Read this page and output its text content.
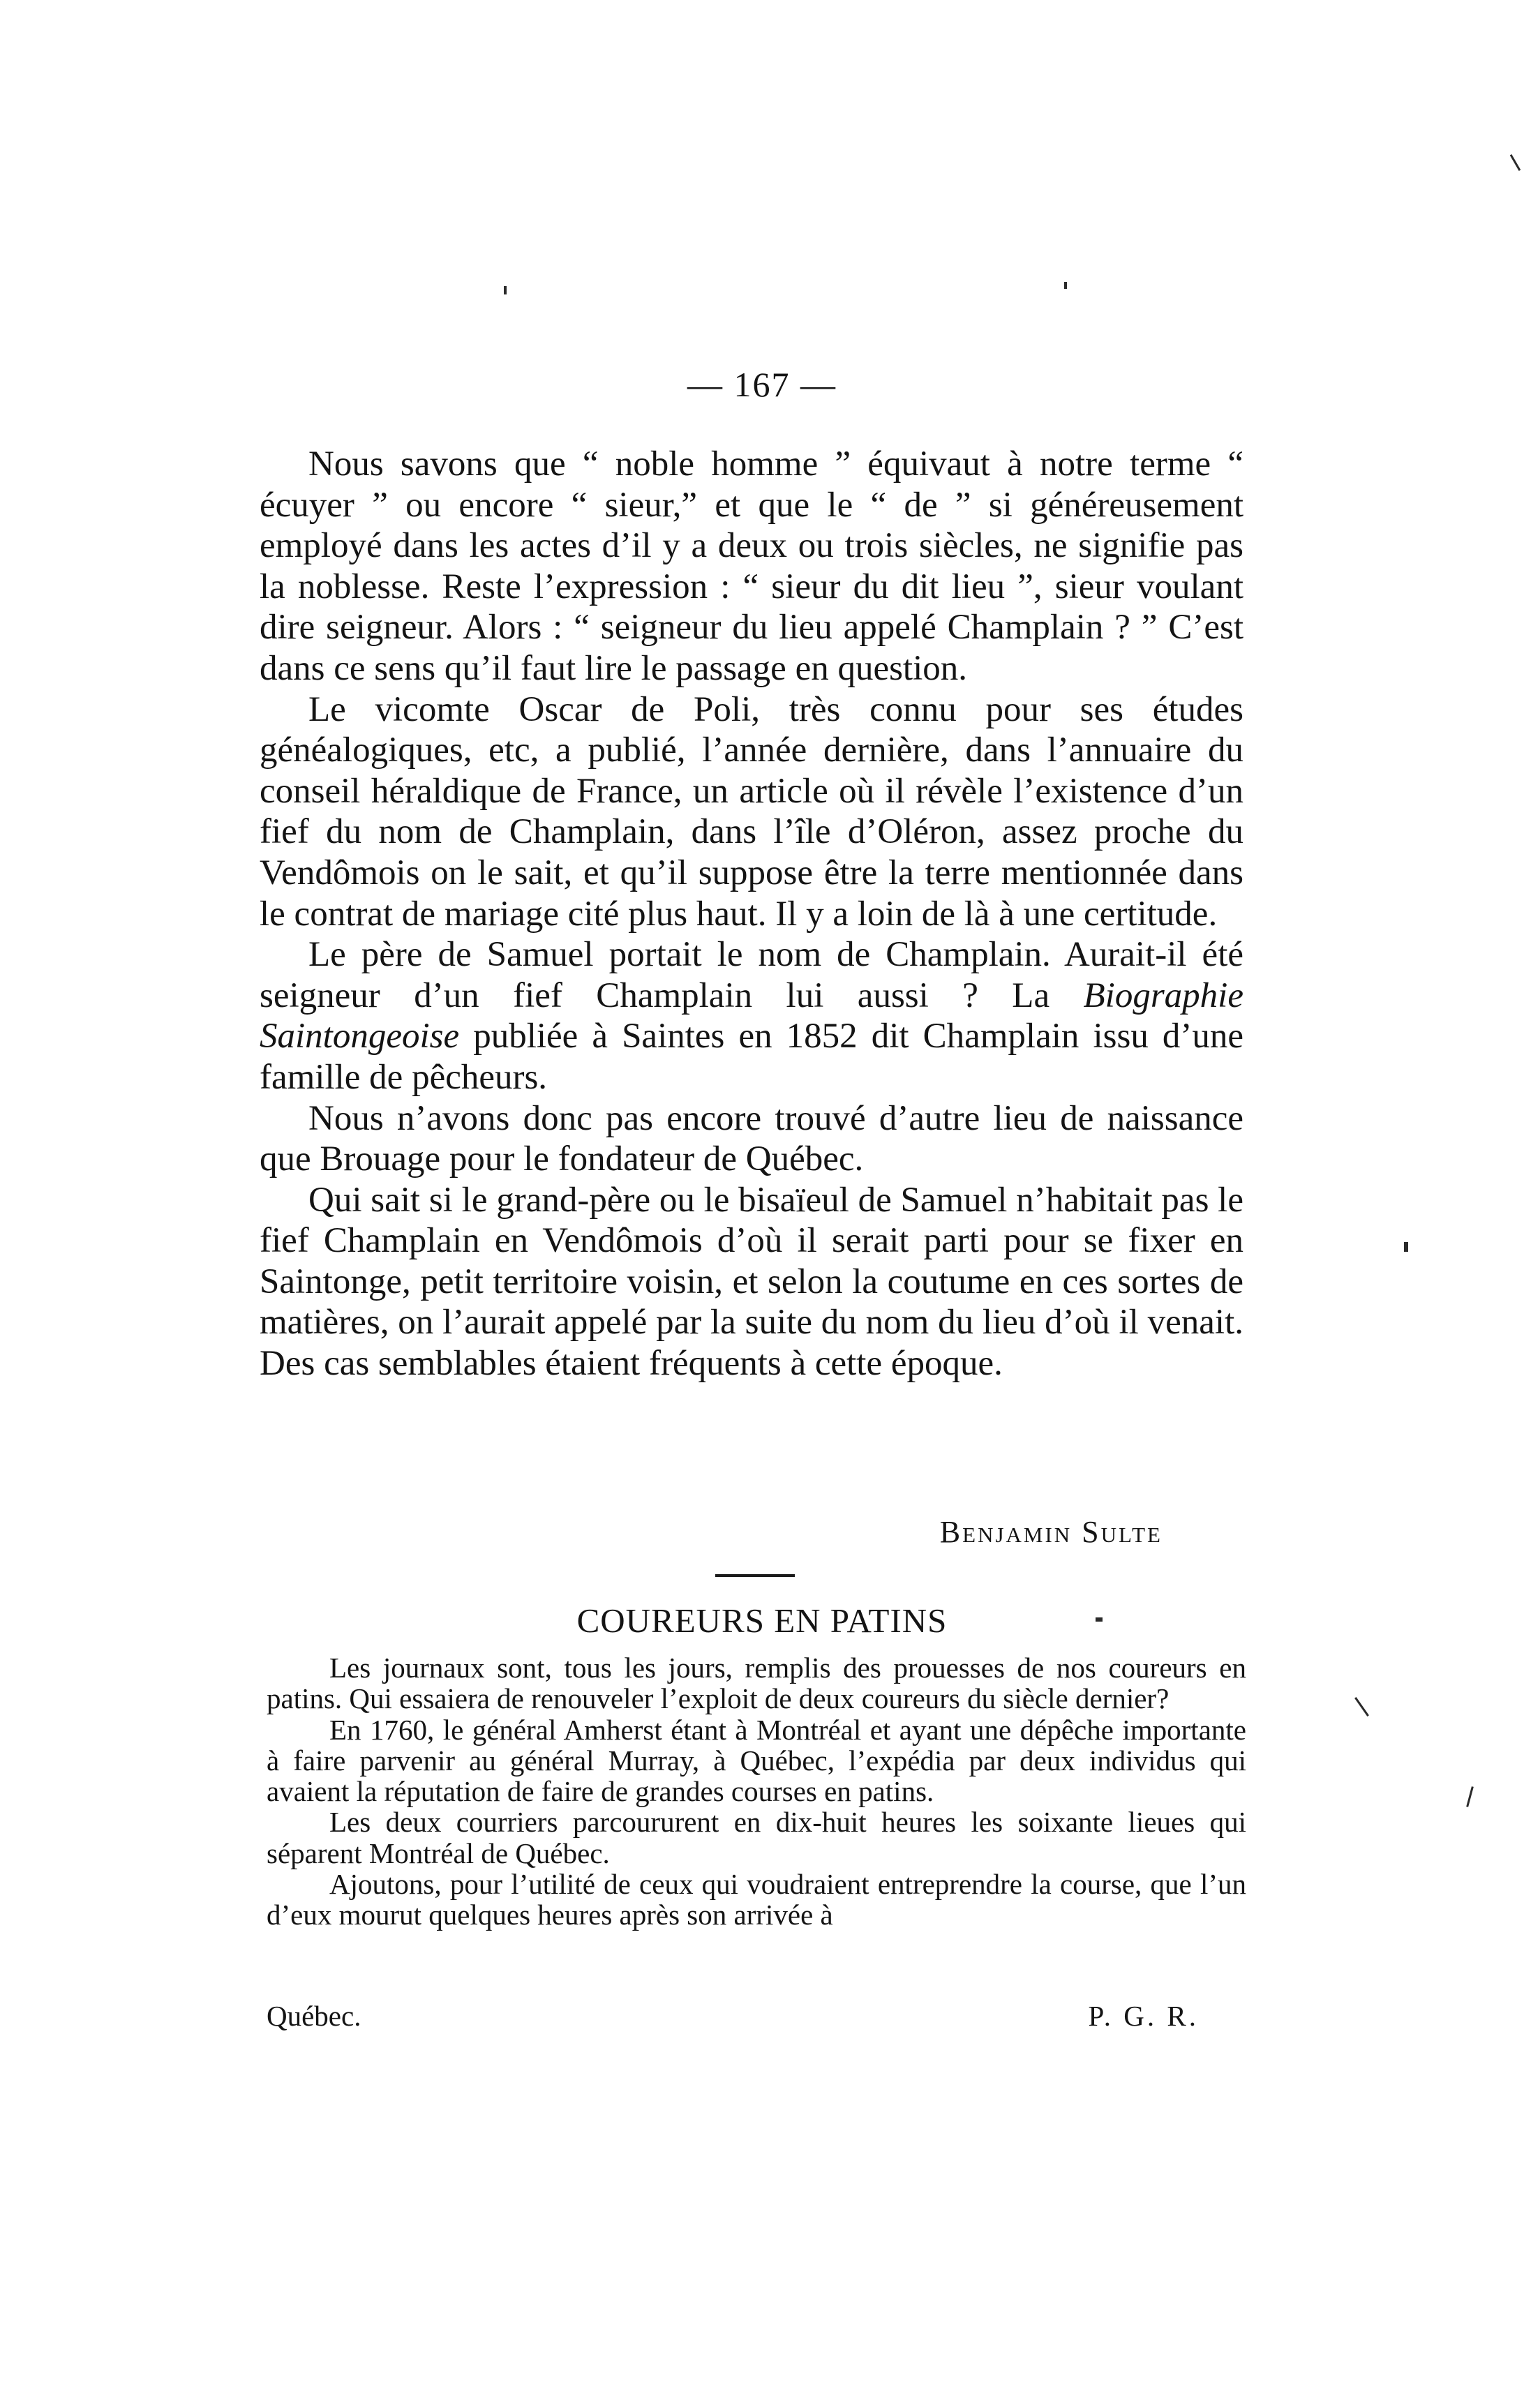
— 167 —

Nous savons que “ noble homme ” équivaut à notre terme “ écuyer ” ou encore “ sieur,” et que le “ de ” si généreusement employé dans les actes d’il y a deux ou trois siècles, ne signifie pas la noblesse. Reste l’expression : “ sieur du dit lieu ”, sieur voulant dire seigneur. Alors : “ seigneur du lieu appelé Champlain ? ” C’est dans ce sens qu’il faut lire le passage en question.

Le vicomte Oscar de Poli, très connu pour ses études généalogiques, etc, a publié, l’année dernière, dans l’annuaire du conseil héraldique de France, un article où il révèle l’existence d’un fief du nom de Champlain, dans l’île d’Oléron, assez proche du Vendômois on le sait, et qu’il suppose être la terre mentionnée dans le contrat de mariage cité plus haut. Il y a loin de là à une certitude.

Le père de Samuel portait le nom de Champlain. Aurait-il été seigneur d’un fief Champlain lui aussi ? La Biographie Saintongeoise publiée à Saintes en 1852 dit Champlain issu d’une famille de pêcheurs.

Nous n’avons donc pas encore trouvé d’autre lieu de naissance que Brouage pour le fondateur de Québec.

Qui sait si le grand-père ou le bisaïeul de Samuel n’habitait pas le fief Champlain en Vendômois d’où il serait parti pour se fixer en Saintonge, petit territoire voisin, et selon la coutume en ces sortes de matières, on l’aurait appelé par la suite du nom du lieu d’où il venait. Des cas semblables étaient fréquents à cette époque.

Benjamin Sulte
COUREURS EN PATINS

Les journaux sont, tous les jours, remplis des prouesses de nos coureurs en patins. Qui essaiera de renouveler l’exploit de deux coureurs du siècle dernier?

En 1760, le général Amherst étant à Montréal et ayant une dépêche importante à faire parvenir au général Murray, à Québec, l’expédia par deux individus qui avaient la réputation de faire de grandes courses en patins.

Les deux courriers parcoururent en dix-huit heures les soixante lieues qui séparent Montréal de Québec.

Ajoutons, pour l’utilité de ceux qui voudraient entreprendre la course, que l’un d’eux mourut quelques heures après son arrivée à

Québec.	P. G. R.
